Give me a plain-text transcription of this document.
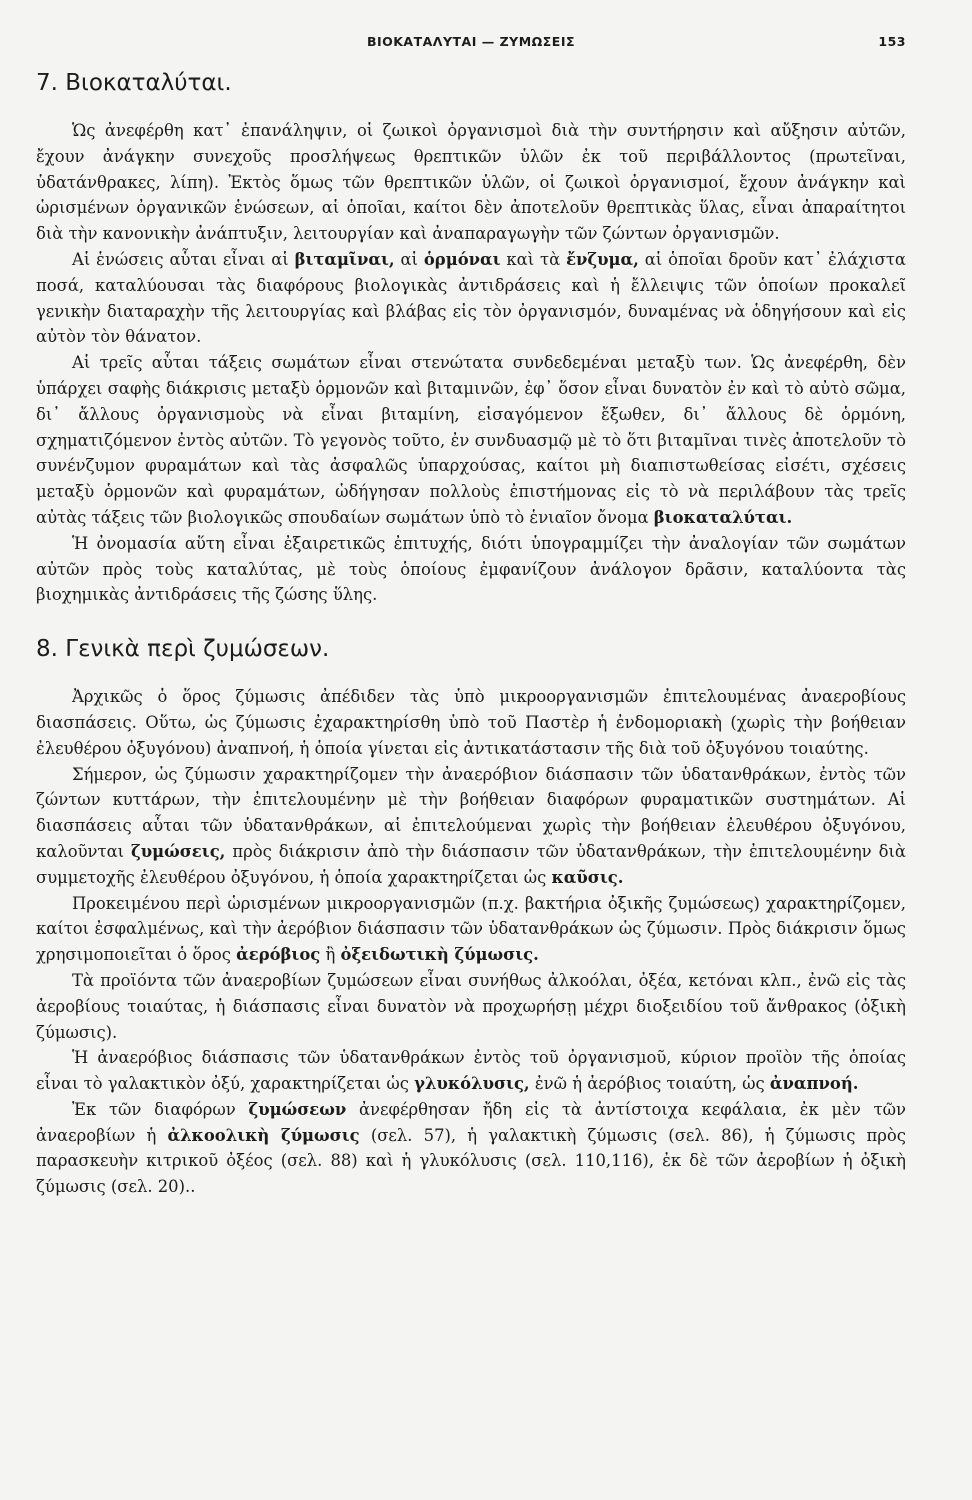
ΒΙΟΚΑΤΑΛΥΤΑΙ — ΖΥΜΩΣΕΙΣ	153
7. Βιοκαταλύται.

Ὡς ἀνεφέρθη κατ᾽ ἐπανάληψιν, οἱ ζωικοὶ ὀργανισμοὶ διὰ τὴν συντήρησιν καὶ αὔξησιν αὐτῶν, ἔχουν ἀνάγκην συνεχοῦς προσλήψεως θρεπτικῶν ὑλῶν ἐκ τοῦ περιβάλλοντος (πρωτεῖναι, ὑδατάνθρακες, λίπη). Ἐκτὸς ὅμως τῶν θρεπτικῶν ὑλῶν, οἱ ζωικοὶ ὀργανισμοί, ἔχουν ἀνάγκην καὶ ὡρισμένων ὀργανικῶν ἑνώσεων, αἱ ὁποῖαι, καίτοι δὲν ἀποτελοῦν θρεπτικὰς ὕλας, εἶναι ἀπαραίτητοι διὰ τὴν κανονικὴν ἀνάπτυξιν, λειτουργίαν καὶ ἀναπαραγωγὴν τῶν ζώντων ὀργανισμῶν.

Αἱ ἑνώσεις αὗται εἶναι αἱ βιταμῖναι, αἱ ὁρμόναι καὶ τὰ ἔνζυμα, αἱ ὁποῖαι δροῦν κατ᾽ ἐλάχιστα ποσά, καταλύουσαι τὰς διαφόρους βιολογικὰς ἀντιδράσεις καὶ ἡ ἔλλειψις τῶν ὁποίων προκαλεῖ γενικὴν διαταραχὴν τῆς λειτουργίας καὶ βλάβας εἰς τὸν ὀργανισμόν, δυναμένας νὰ ὁδηγήσουν καὶ εἰς αὐτὸν τὸν θάνατον.

Αἱ τρεῖς αὗται τάξεις σωμάτων εἶναι στενώτατα συνδεδεμέναι μεταξὺ των. Ὡς ἀνεφέρθη, δὲν ὑπάρχει σαφὴς διάκρισις μεταξὺ ὁρμονῶν καὶ βιταμινῶν, ἐφ᾽ ὅσον εἶναι δυνατὸν ἐν καὶ τὸ αὐτὸ σῶμα, δι᾽ ἄλλους ὀργανισμοὺς νὰ εἶναι βιταμίνη, εἰσαγόμενον ἔξωθεν, δι᾽ ἄλλους δὲ ὁρμόνη, σχηματιζόμενον ἐντὸς αὐτῶν. Τὸ γεγονὸς τοῦτο, ἐν συνδυασμῷ μὲ τὸ ὅτι βιταμῖναι τινὲς ἀποτελοῦν τὸ συνένζυμον φυραμάτων καὶ τὰς ἀσφαλῶς ὑπαρχούσας, καίτοι μὴ διαπιστωθείσας εἰσέτι, σχέσεις μεταξὺ ὁρμονῶν καὶ φυραμάτων, ὡδήγησαν πολλοὺς ἐπιστήμονας εἰς τὸ νὰ περιλάβουν τὰς τρεῖς αὐτὰς τάξεις τῶν βιολογικῶς σπουδαίων σωμάτων ὑπὸ τὸ ἑνιαῖον ὄνομα βιοκαταλύται.

Ἡ ὀνομασία αὕτη εἶναι ἐξαιρετικῶς ἐπιτυχής, διότι ὑπογραμμίζει τὴν ἀναλογίαν τῶν σωμάτων αὐτῶν πρὸς τοὺς καταλύτας, μὲ τοὺς ὁποίους ἐμφανίζουν ἀνάλογον δρᾶσιν, καταλύοντα τὰς βιοχημικὰς ἀντιδράσεις τῆς ζώσης ὕλης.

8. Γενικὰ περὶ ζυμώσεων.

Ἀρχικῶς ὁ ὅρος ζύμωσις ἀπέδιδεν τὰς ὑπὸ μικροοργανισμῶν ἐπιτελουμένας ἀναεροβίους διασπάσεις. Οὕτω, ὡς ζύμωσις ἐχαρακτηρίσθη ὑπὸ τοῦ Παστὲρ ἡ ἐνδομοριακὴ (χωρὶς τὴν βοήθειαν ἐλευθέρου ὀξυγόνου) ἀναπνοή, ἡ ὁποία γίνεται εἰς ἀντικατάστασιν τῆς διὰ τοῦ ὀξυγόνου τοιαύτης.

Σήμερον, ὡς ζύμωσιν χαρακτηρίζομεν τὴν ἀναερόβιον διάσπασιν τῶν ὑδατανθράκων, ἐντὸς τῶν ζώντων κυττάρων, τὴν ἐπιτελουμένην μὲ τὴν βοήθειαν διαφόρων φυραματικῶν συστημάτων. Αἱ διασπάσεις αὗται τῶν ὑδατανθράκων, αἱ ἐπιτελούμεναι χωρὶς τὴν βοήθειαν ἐλευθέρου ὀξυγόνου, καλοῦνται ζυμώσεις, πρὸς διάκρισιν ἀπὸ τὴν διάσπασιν τῶν ὑδατανθράκων, τὴν ἐπιτελουμένην διὰ συμμετοχῆς ἐλευθέρου ὀξυγόνου, ἡ ὁποία χαρακτηρίζεται ὡς καῦσις.

Προκειμένου περὶ ὡρισμένων μικροοργανισμῶν (π.χ. βακτήρια ὀξικῆς ζυμώσεως) χαρακτηρίζομεν, καίτοι ἐσφαλμένως, καὶ τὴν ἀερόβιον διάσπασιν τῶν ὑδατανθράκων ὡς ζύμωσιν. Πρὸς διάκρισιν ὅμως χρησιμοποιεῖται ὁ ὅρος ἀερόβιος ἢ ὀξειδωτικὴ ζύμωσις.

Τὰ προϊόντα τῶν ἀναεροβίων ζυμώσεων εἶναι συνήθως ἀλκοόλαι, ὀξέα, κετόναι κλπ., ἐνῶ εἰς τὰς ἀεροβίους τοιαύτας, ἡ διάσπασις εἶναι δυνατὸν νὰ προχωρήσῃ μέχρι διοξειδίου τοῦ ἄνθρακος (ὀξικὴ ζύμωσις).

Ἡ ἀναερόβιος διάσπασις τῶν ὑδατανθράκων ἐντὸς τοῦ ὀργανισμοῦ, κύριον προϊὸν τῆς ὁποίας εἶναι τὸ γαλακτικὸν ὀξύ, χαρακτηρίζεται ὡς γλυκόλυσις, ἐνῶ ἡ ἀερόβιος τοιαύτη, ὡς ἀναπνοή.

Ἐκ τῶν διαφόρων ζυμώσεων ἀνεφέρθησαν ἤδη εἰς τὰ ἀντίστοιχα κεφάλαια, ἐκ μὲν τῶν ἀναεροβίων ἡ ἀλκοολικὴ ζύμωσις (σελ. 57), ἡ γαλακτικὴ ζύμωσις (σελ. 86), ἡ ζύμωσις πρὸς παρασκευὴν κιτρικοῦ ὀξέος (σελ. 88) καὶ ἡ γλυκόλυσις (σελ. 110,116), ἐκ δὲ τῶν ἀεροβίων ἡ ὀξικὴ ζύμωσις (σελ. 20)..
